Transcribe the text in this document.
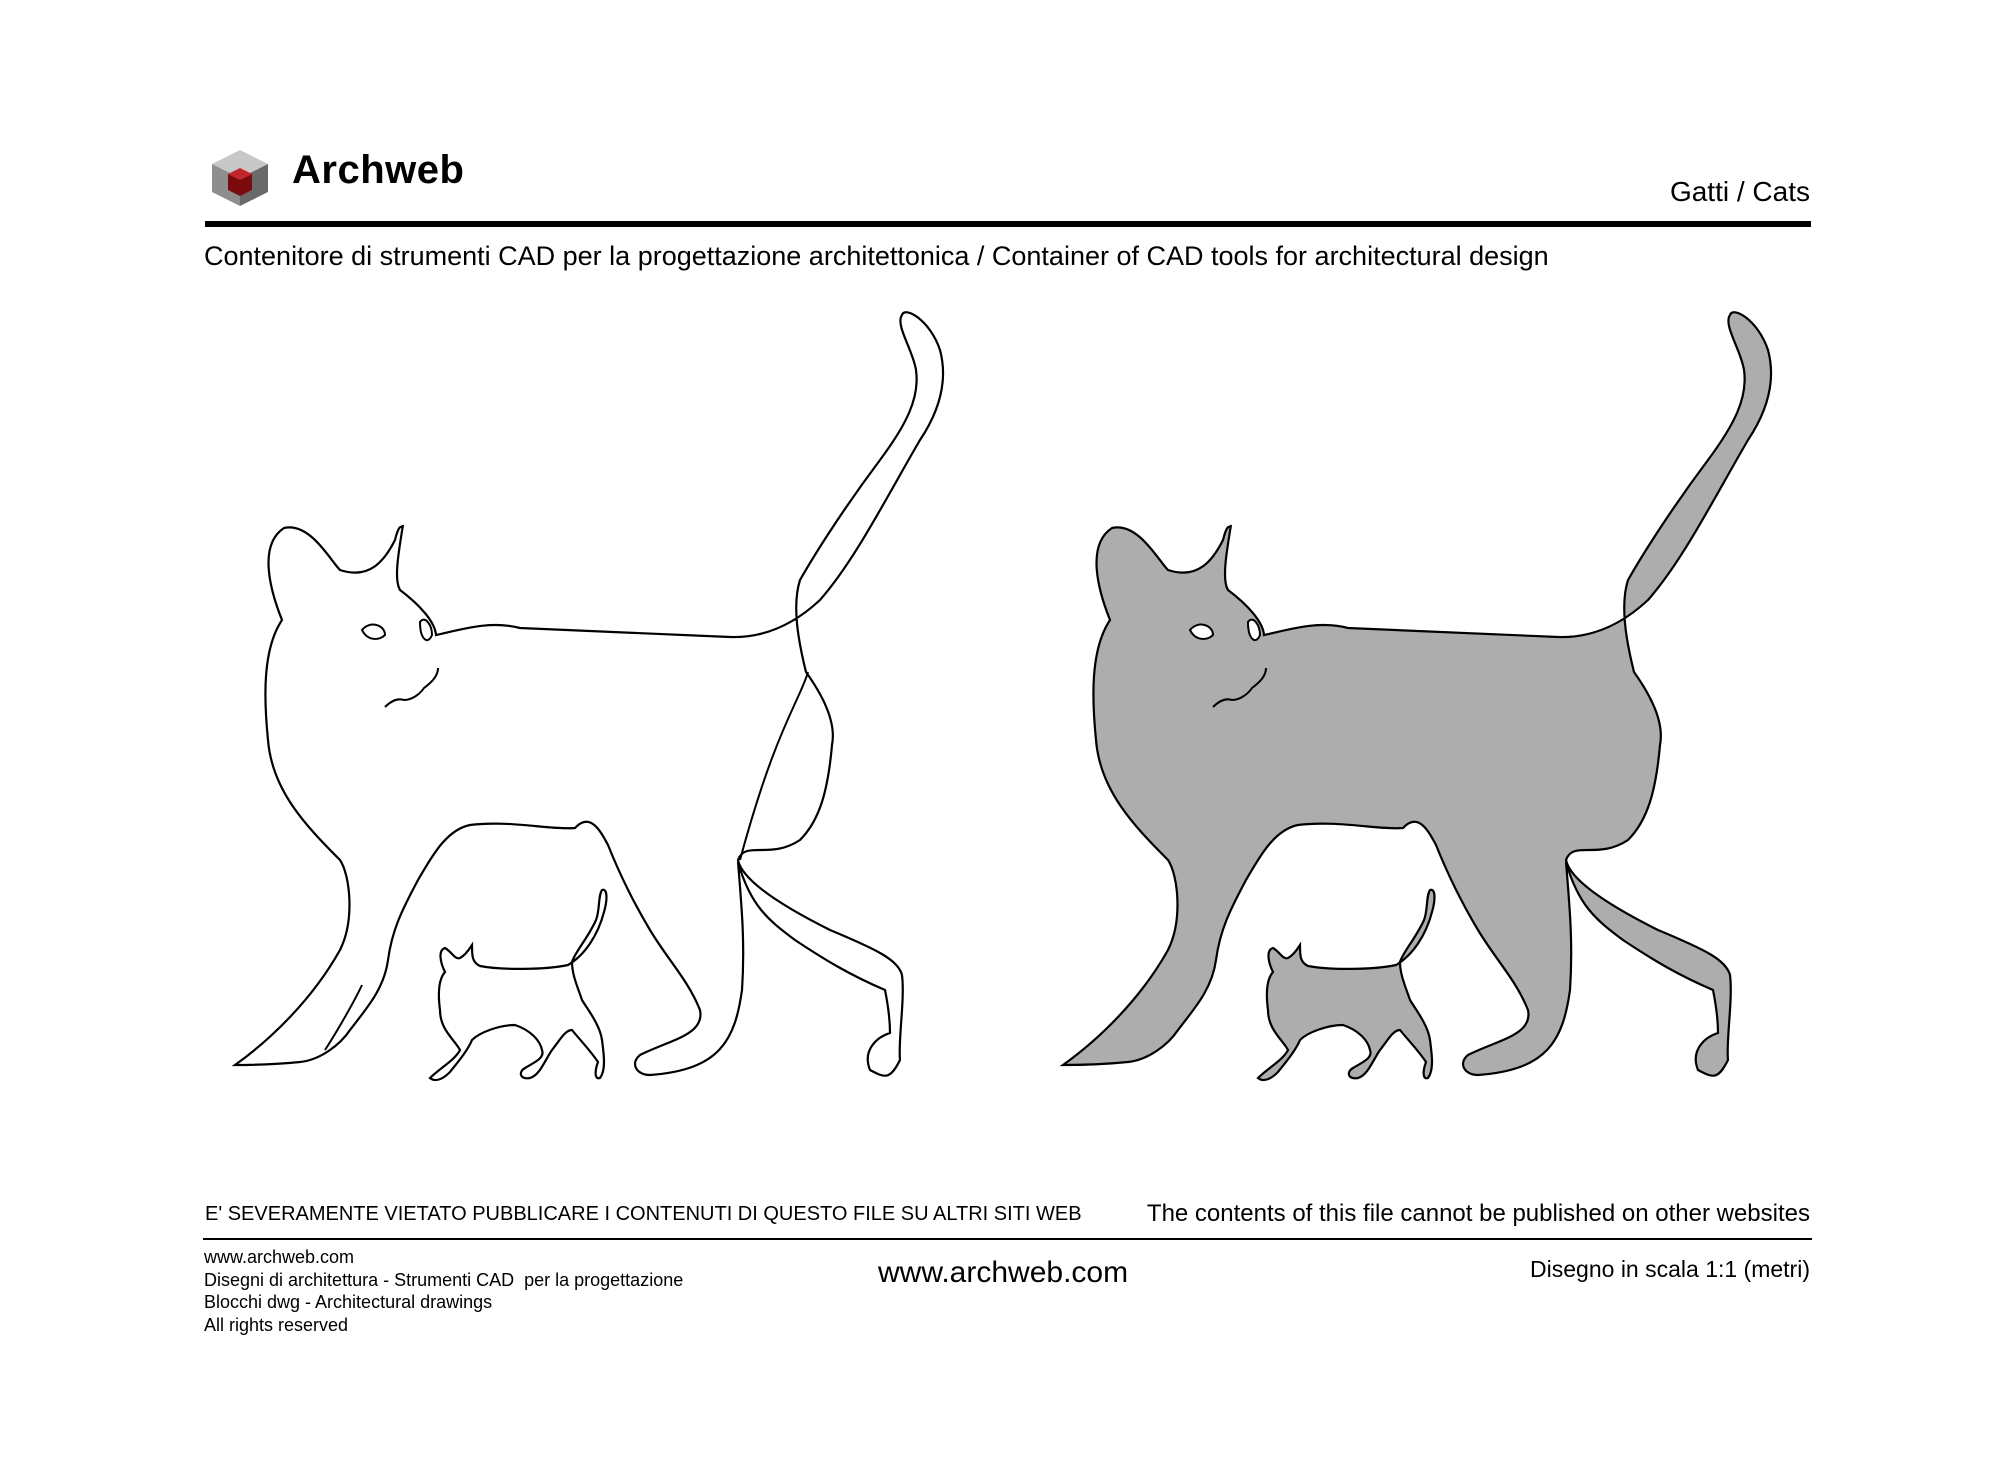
Archweb	Gatti / Cats
Contenitore di strumenti CAD per la progettazione architettonica / Container of CAD tools for architectural design
E' SEVERAMENTE VIETATO PUBBLICARE I CONTENUTI DI QUESTO FILE SU ALTRI SITI WEB	The contents of this file cannot be published on other websites
www.archweb.com
Disegni di architettura - Strumenti CAD  per la progettazione
Blocchi dwg - Architectural drawings
All rights reserved
www.archweb.com	Disegno in scala 1:1 (metri)
